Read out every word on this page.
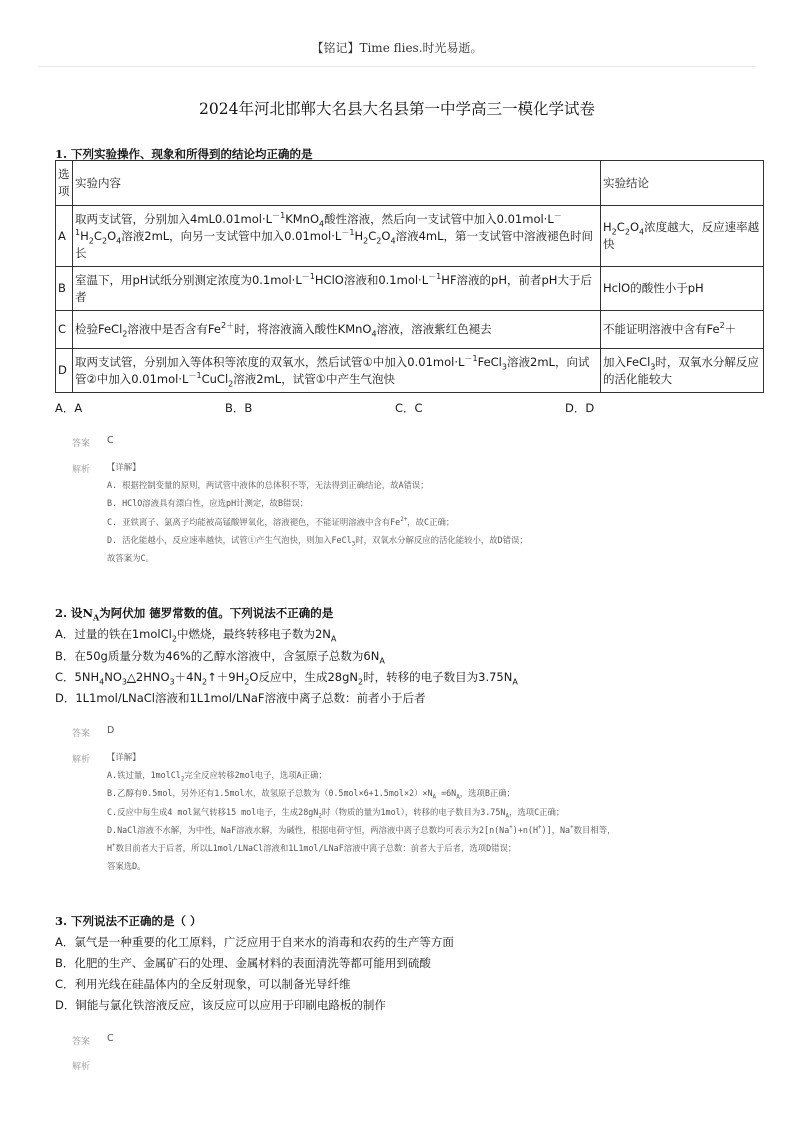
【铭记】Time flies.时光易逝。
2024年河北邯郸大名县大名县第一中学高三一模化学试卷
1. 下列实验操作、现象和所得到的结论均正确的是
选项	实验内容	实验结论
A	取两支试管，分别加入$4mL0.01mol\cdot L^{-1}KMnO_4$酸性溶液，然后向一支试管中加入$0.01mol\cdot L^{-1}H_2C_2O_4$溶液2mL，向另一支试管中加入$0.01mol\cdot L^{-1}H_2C_2O_4$溶液4mL，第一支试管中溶液褪色时间长	$H_2C_2O_4$浓度越大，反应速率越快
B	室温下，用pH试纸分别测定浓度为$0.1mol\cdot L^{-1}HClO$溶液和$0.1mol\cdot L^{-1}HF$溶液的pH，前者pH大于后者	HclO的酸性小于pH
C	检验FeCl$_2$溶液中是否含有$Fe^{2+}$时，将溶液滴入酸性KMnO$_4$溶液，溶液紫红色褪去	不能证明溶液中含有$Fe^2+$
D	取两支试管，分别加入等体积等浓度的双氧水，然后试管①中加入$0.01mol\cdot L^{-1}FeCl_3$溶液2mL，向试管②中加入$0.01mol\cdot L^{-1}CuCl_2$溶液2mL，试管①中产生气泡快	加入FeCl$_3$时，双氧水分解反应的活化能较大
A．A	B．B	C．C	D．D
答案 C
解析 【详解】
A. 根据控制变量的原则，两试管中液体的总体积不等，无法得到正确结论，故A错误；
B. HClO溶液具有漂白性，应选pH计测定，故B错误；
C. 亚铁离子、氯离子均能被高锰酸钾氧化，溶液褪色，不能证明溶液中含有$Fe^{2+}$，故C正确；
D. 活化能越小，反应速率越快，试管①产生气泡快，则加入FeCl$_3$时，双氧水分解反应的活化能较小，故D错误；
故答案为C。
2. 设$N_A$为阿伏加 德罗常数的值。下列说法不正确的是
A．过量的铁在1molCl$_2$中燃烧，最终转移电子数为$2N_A$
B．在50g质量分数为46%的乙醇水溶液中，含氢原子总数为$6N_A$
C．$5NH_4NO_3\triangle 2HNO_3+4N_2↑+9H_2O$反应中，生成$28gN_2$时，转移的电子数目为$3.75N_A$
D．1L1mol/LNaCl溶液和1L1mol/LNaF溶液中离子总数：前者小于后者
答案 D
解析 【详解】
A.铁过量，1molCl$_2$完全反应转移2mol电子，选项A正确；
B.乙醇有0.5mol，另外还有1.5mol水，故氢原子总数为$(0.5mol\times 6+1.5mol\times 2)\times N_A =6N_A$，选项B正确；
C.反应中每生成4 mol氮气转移15 mol电子，生成$28gN_2$时（物质的量为1mol），转移的电子数目为$3.75N_A$，选项C正确；
D.NaCl溶液不水解，为中性，NaF溶液水解，为碱性，根据电荷守恒，两溶液中离子总数均可表示为2[n(Na+)+n(H+)]，Na+数目相等，
H+数目前者大于后者，所以L1mol/LNaCl溶液和1L1mol/LNaF溶液中离子总数：前者大于后者，选项D错误；
答案选D。
3. 下列说法不正确的是（ ）
A．氯气是一种重要的化工原料，广泛应用于自来水的消毒和农药的生产等方面
B．化肥的生产、金属矿石的处理、金属材料的表面清洗等都可能用到硫酸
C．利用光线在硅晶体内的全反射现象，可以制备光导纤维
D．铜能与氯化铁溶液反应，该反应可以应用于印刷电路板的制作
答案 C
解析
